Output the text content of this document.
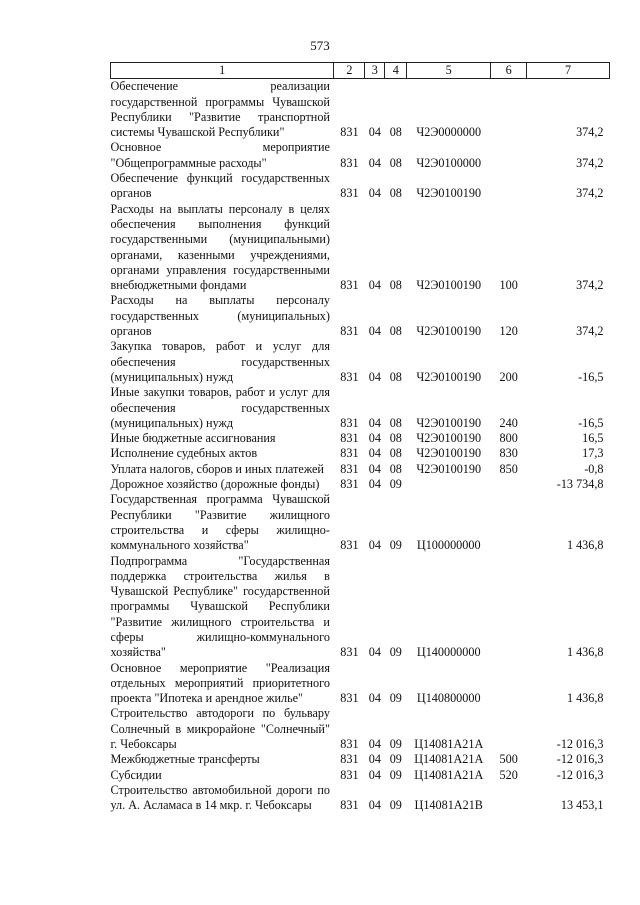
573
1	2	3	4	5	6	7
Обеспечение реализации государственной программы Чувашской Республики "Развитие транспортной системы Чувашской Республики"	831	04	08	Ч2Э0000000		374,2
Основное мероприятие "Общепрограммные расходы"	831	04	08	Ч2Э0100000		374,2
Обеспечение функций государственных органов	831	04	08	Ч2Э0100190		374,2
Расходы на выплаты персоналу в целях обеспечения выполнения функций государственными (муниципальными) органами, казенными учреждениями, органами управления государственными внебюджетными фондами	831	04	08	Ч2Э0100190	100	374,2
Расходы на выплаты персоналу государственных (муниципальных) органов	831	04	08	Ч2Э0100190	120	374,2
Закупка товаров, работ и услуг для обеспечения государственных (муниципальных) нужд	831	04	08	Ч2Э0100190	200	-16,5
Иные закупки товаров, работ и услуг для обеспечения государственных (муниципальных) нужд	831	04	08	Ч2Э0100190	240	-16,5
Иные бюджетные ассигнования	831	04	08	Ч2Э0100190	800	16,5
Исполнение судебных актов	831	04	08	Ч2Э0100190	830	17,3
Уплата налогов, сборов и иных платежей	831	04	08	Ч2Э0100190	850	-0,8
Дорожное хозяйство (дорожные фонды)	831	04	09			-13 734,8
Государственная программа Чувашской Республики "Развитие жилищного строительства и сферы жилищно-коммунального хозяйства"	831	04	09	Ц100000000		1 436,8
Подпрограмма "Государственная поддержка строительства жилья в Чувашской Республике" государственной программы Чувашской Республики "Развитие жилищного строительства и сферы жилищно-коммунального хозяйства"	831	04	09	Ц140000000		1 436,8
Основное мероприятие "Реализация отдельных мероприятий приоритетного проекта "Ипотека и арендное жилье"	831	04	09	Ц140800000		1 436,8
Строительство автодороги по бульвару Солнечный в микрорайоне "Солнечный" г. Чебоксары	831	04	09	Ц14081А21А		-12 016,3
Межбюджетные трансферты	831	04	09	Ц14081А21А	500	-12 016,3
Субсидии	831	04	09	Ц14081А21А	520	-12 016,3
Строительство автомобильной дороги по ул. А. Асламаса в 14 мкр. г. Чебоксары	831	04	09	Ц14081А21В		13 453,1
